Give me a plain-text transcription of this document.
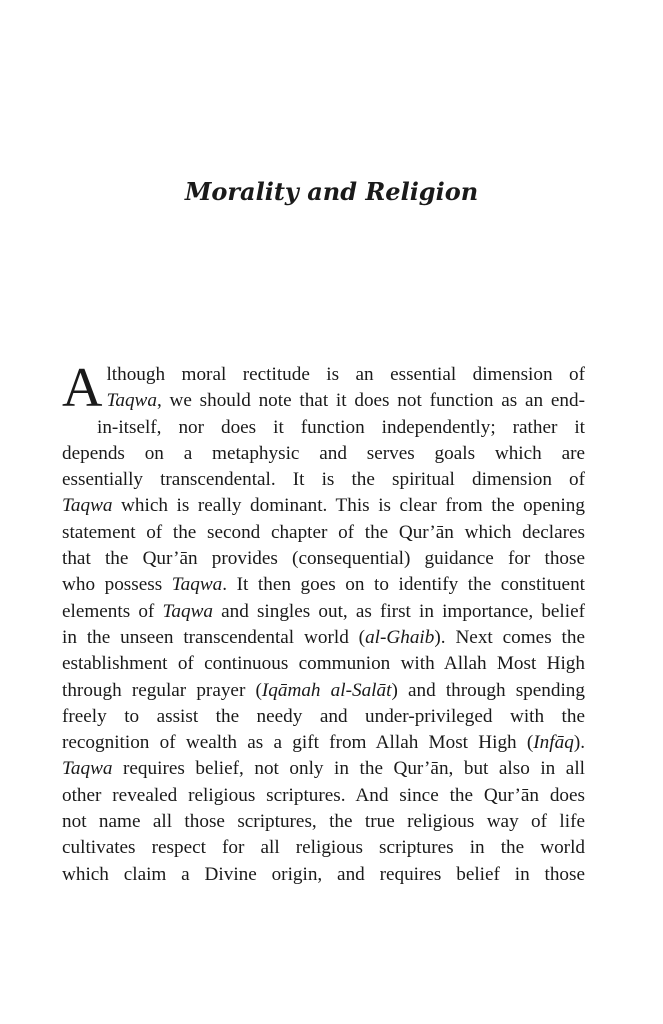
Morality and Religion
A lthough moral rectitude is an essential dimension of
Taqwa, we should note that it does not function as an end-
in-itself, nor does it function independently; rather it
depends on a metaphysic and serves goals which are
essentially transcendental. It is the spiritual dimension of
Taqwa which is really dominant. This is clear from the opening
statement of the second chapter of the Qur’ān which declares
that the Qur’ān provides (consequential) guidance for those
who possess Taqwa. It then goes on to identify the constituent
elements of Taqwa and singles out, as first in importance, belief
in the unseen transcendental world (al-Ghaib). Next comes the
establishment of continuous communion with Allah Most High
through regular prayer (Iqāmah al-Salāt) and through spending
freely to assist the needy and under-privileged with the
recognition of wealth as a gift from Allah Most High (Infāq).
Taqwa requires belief, not only in the Qur’ān, but also in all
other revealed religious scriptures. And since the Qur’ān does
not name all those scriptures, the true religious way of life
cultivates respect for all religious scriptures in the world
which claim a Divine origin, and requires belief in those
